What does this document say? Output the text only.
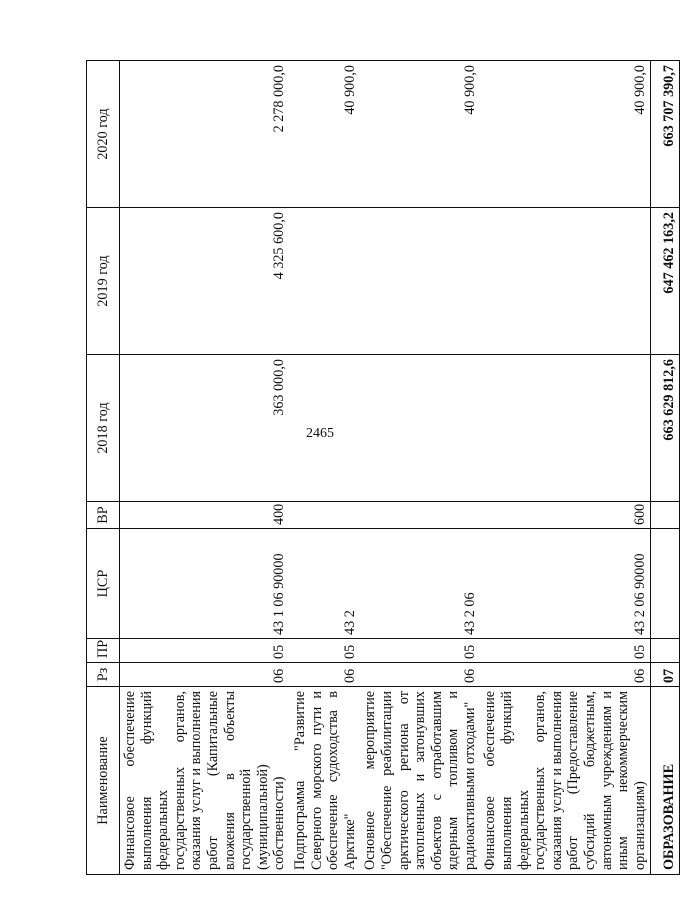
2465
Наименование	Рз	ПР	ЦСР	ВР	2018 год	2019 год	2020 год
Финансовое обеспечение выполнения функций федеральных государственных органов, оказания услуг и выполнения работ (Капитальные вложения в объекты государственной (муниципальной) собственности)	06	05	43 1 06 90000	400	363 000,0	4 325 600,0	2 278 000,0
Подпрограмма "Развитие Северного морского пути и обеспечение судоходства в Арктике"	06	05	43 2				40 900,0
Основное мероприятие "Обеспечение реабилитации арктического региона от затопленных и затонувших объектов с отработавшим ядерным топливом и радиоактивными отходами"	06	05	43 2 06				40 900,0
Финансовое обеспечение выполнения функций федеральных государственных органов, оказания услуг и выполнения работ (Предоставление субсидий бюджетным, автономным учреждениям и иным некоммерческим организациям)	06	05	43 2 06 90000	600			40 900,0
ОБРАЗОВАНИЕ	07				663 629 812,6	647 462 163,2	663 707 390,7
